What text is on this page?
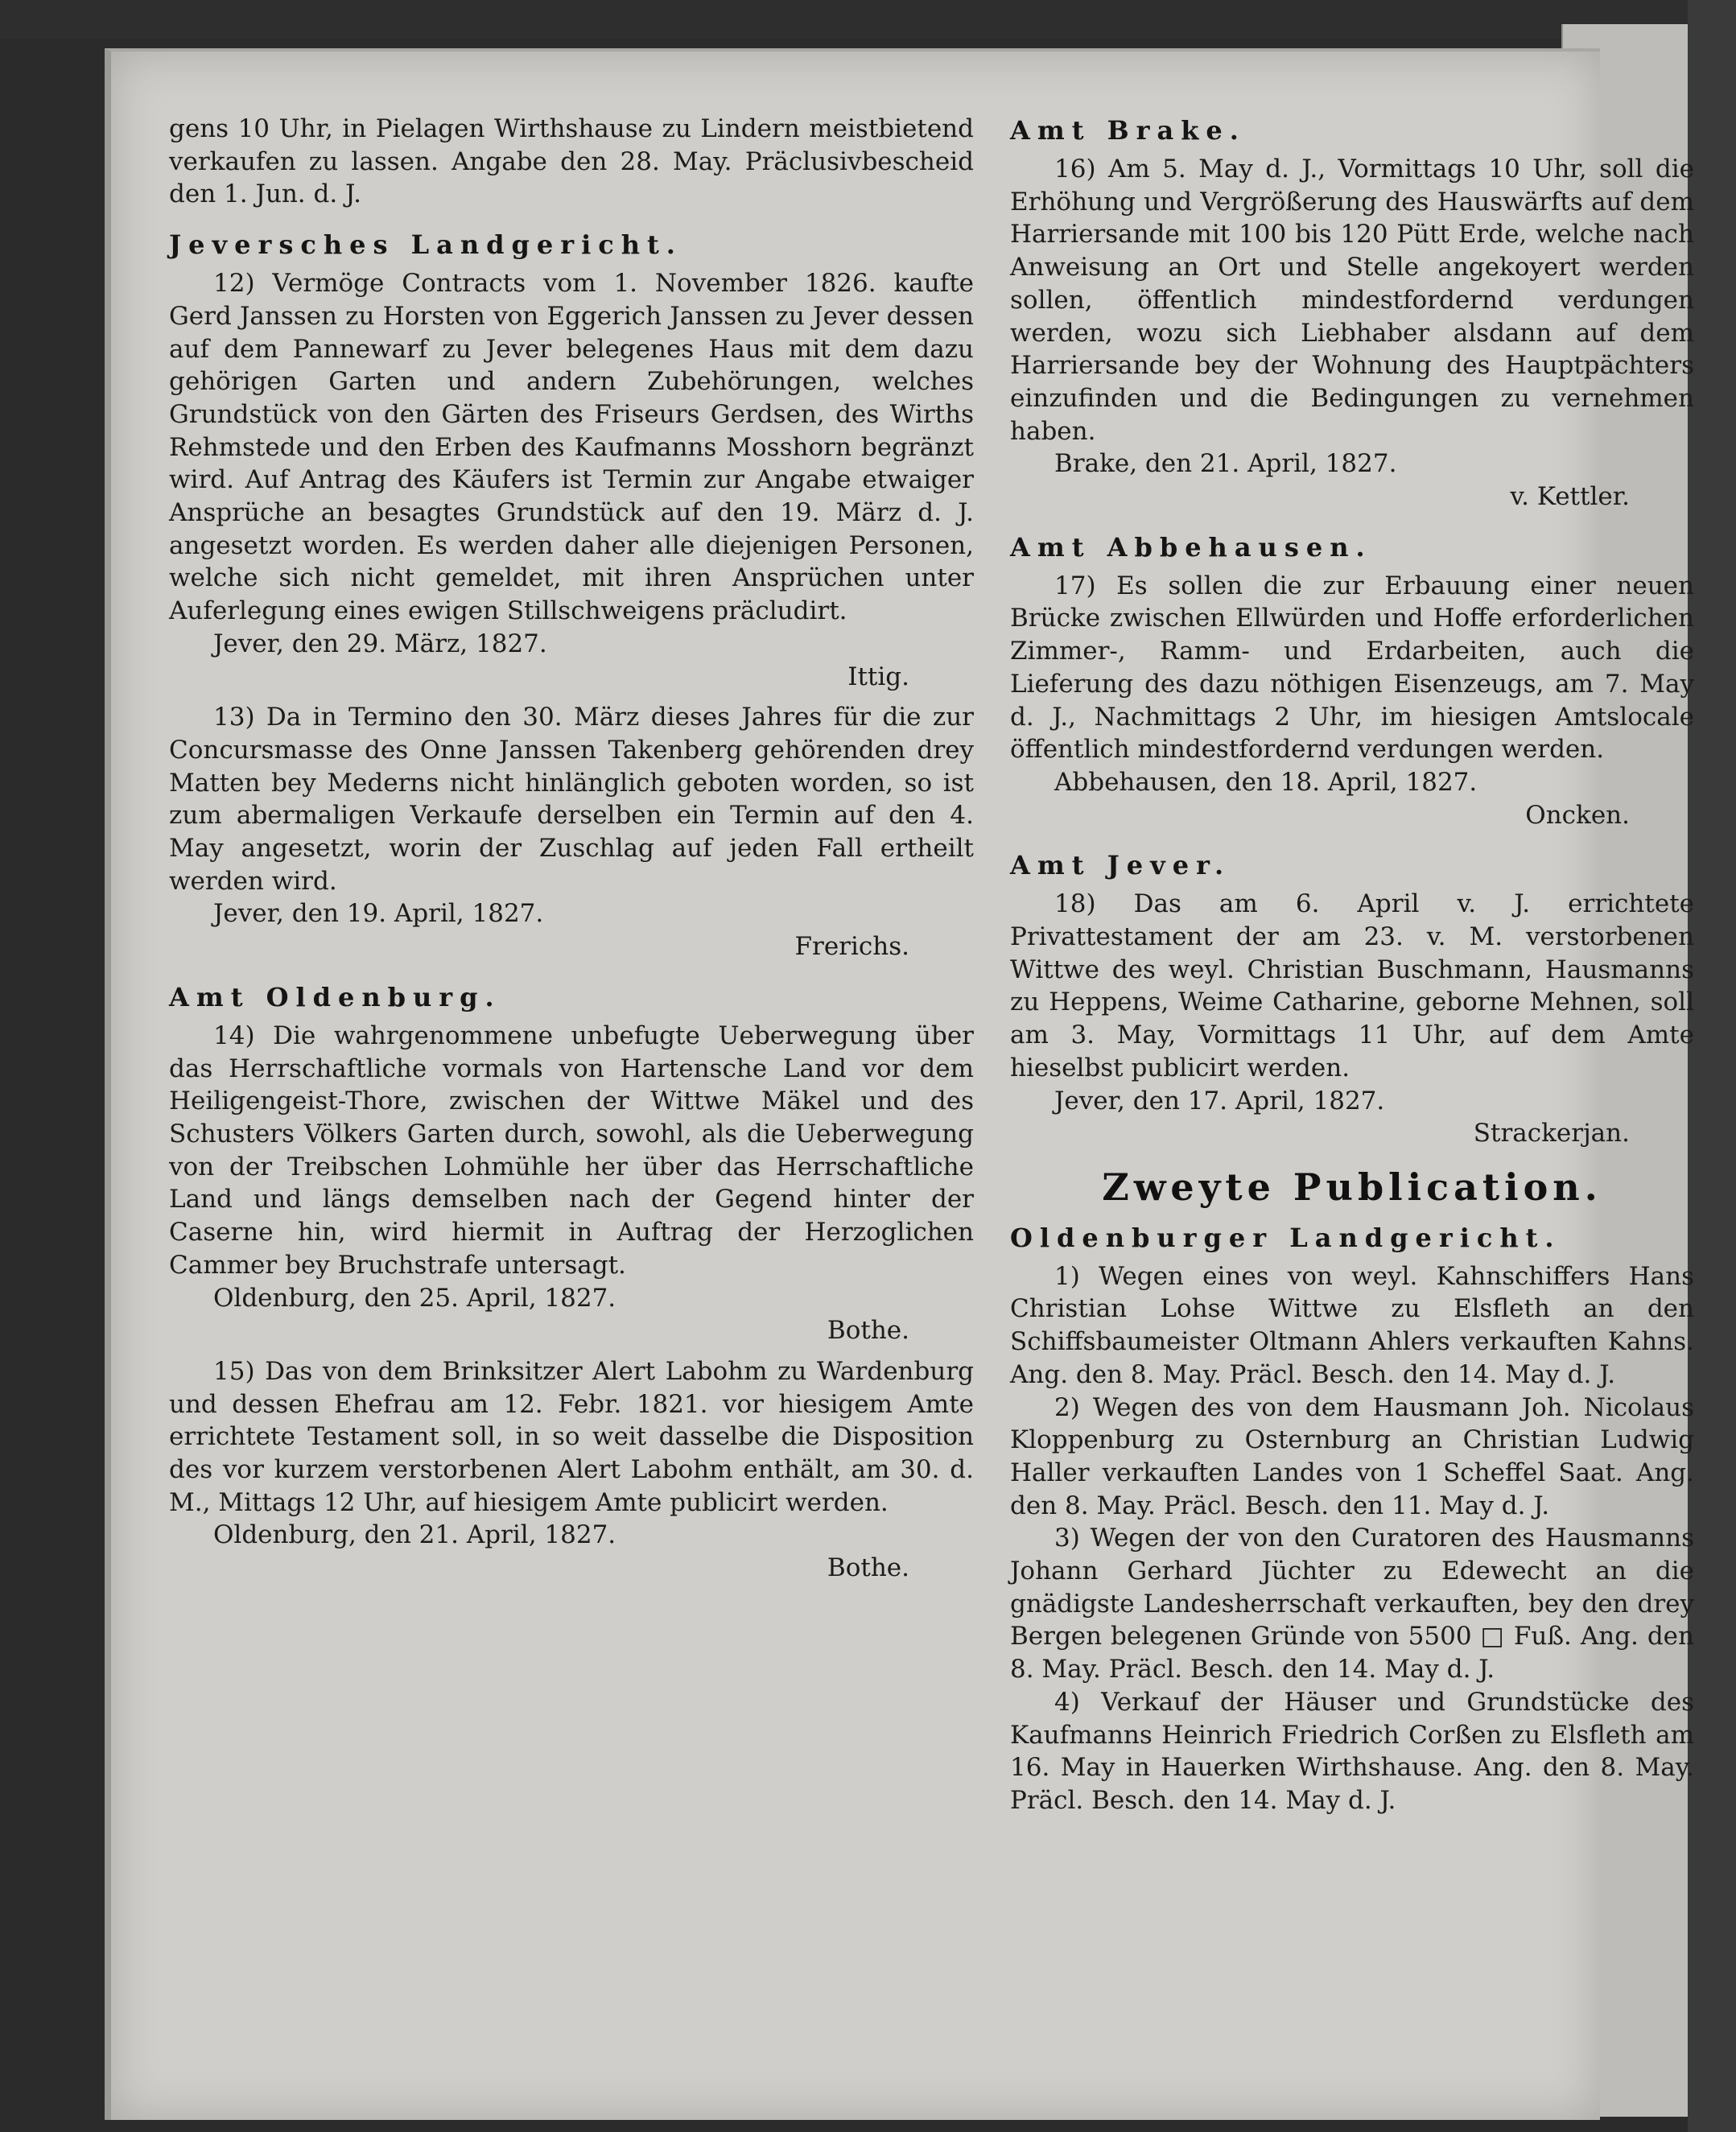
gens 10 Uhr, in Pielagen Wirthshause zu Lindern meistbietend verkaufen zu lassen. Angabe den 28. May. Präclusivbescheid den 1. Jun. d. J.

Jeversches Landgericht.
12) Vermöge Contracts vom 1. November 1826. kaufte Gerd Janssen zu Horsten von Eggerich Janssen zu Jever dessen auf dem Pannewarf zu Jever belegenes Haus mit dem dazu gehörigen Garten und andern Zubehörungen, welches Grundstück von den Gärten des Friseurs Gerdsen, des Wirths Rehmstede und den Erben des Kaufmanns Mosshorn begränzt wird. Auf Antrag des Käufers ist Termin zur Angabe etwaiger Ansprüche an besagtes Grundstück auf den 19. März d. J. angesetzt worden. Es werden daher alle diejenigen Personen, welche sich nicht gemeldet, mit ihren Ansprüchen unter Auferlegung eines ewigen Stillschweigens präcludirt.
Jever, den 29. März, 1827.
Ittig.
13) Da in Termino den 30. März dieses Jahres für die zur Concursmasse des Onne Janssen Takenberg gehörenden drey Matten bey Mederns nicht hinlänglich geboten worden, so ist zum abermaligen Verkaufe derselben ein Termin auf den 4. May angesetzt, worin der Zuschlag auf jeden Fall ertheilt werden wird.
Jever, den 19. April, 1827.
Frerichs.
Amt Oldenburg.
14) Die wahrgenommene unbefugte Ueberwegung über das Herrschaftliche vormals von Hartensche Land vor dem Heiligengeist-Thore, zwischen der Wittwe Mäkel und des Schusters Völkers Garten durch, sowohl, als die Ueberwegung von der Treibschen Lohmühle her über das Herrschaftliche Land und längs demselben nach der Gegend hinter der Caserne hin, wird hiermit in Auftrag der Herzoglichen Cammer bey Bruchstrafe untersagt.
Oldenburg, den 25. April, 1827.
Bothe.
15) Das von dem Brinksitzer Alert Labohm zu Wardenburg und dessen Ehefrau am 12. Febr. 1821. vor hiesigem Amte errichtete Testament soll, in so weit dasselbe die Disposition des vor kurzem verstorbenen Alert Labohm enthält, am 30. d. M., Mittags 12 Uhr, auf hiesigem Amte publicirt werden.
Oldenburg, den 21. April, 1827.
Bothe.
Amt Brake.
16) Am 5. May d. J., Vormittags 10 Uhr, soll die Erhöhung und Vergrößerung des Hauswärfts auf dem Harriersande mit 100 bis 120 Pütt Erde, welche nach Anweisung an Ort und Stelle angekoyert werden sollen, öffentlich mindestfordernd verdungen werden, wozu sich Liebhaber alsdann auf dem Harriersande bey der Wohnung des Hauptpächters einzufinden und die Bedingungen zu vernehmen haben.
Brake, den 21. April, 1827.
v. Kettler.
Amt Abbehausen.
17) Es sollen die zur Erbauung einer neuen Brücke zwischen Ellwürden und Hoffe erforderlichen Zimmer-, Ramm- und Erdarbeiten, auch die Lieferung des dazu nöthigen Eisenzeugs, am 7. May d. J., Nachmittags 2 Uhr, im hiesigen Amtslocale öffentlich mindestfordernd verdungen werden.
Abbehausen, den 18. April, 1827.
Oncken.
Amt Jever.
18) Das am 6. April v. J. errichtete Privattestament der am 23. v. M. verstorbenen Wittwe des weyl. Christian Buschmann, Hausmanns zu Heppens, Weime Catharine, geborne Mehnen, soll am 3. May, Vormittags 11 Uhr, auf dem Amte hieselbst publicirt werden.
Jever, den 17. April, 1827.
Strackerjan.
Zweyte Publication.
Oldenburger Landgericht.
1) Wegen eines von weyl. Kahnschiffers Hans Christian Lohse Wittwe zu Elsfleth an den Schiffsbaumeister Oltmann Ahlers verkauften Kahns. Ang. den 8. May. Präcl. Besch. den 14. May d. J.
2) Wegen des von dem Hausmann Joh. Nicolaus Kloppenburg zu Osternburg an Christian Ludwig Haller verkauften Landes von 1 Scheffel Saat. Ang. den 8. May. Präcl. Besch. den 11. May d. J.
3) Wegen der von den Curatoren des Hausmanns Johann Gerhard Jüchter zu Edewecht an die gnädigste Landesherrschaft verkauften, bey den drey Bergen belegenen Gründe von 5500 □ Fuß. Ang. den 8. May. Präcl. Besch. den 14. May d. J.
4) Verkauf der Häuser und Grundstücke des Kaufmanns Heinrich Friedrich Corßen zu Elsfleth am 16. May in Hauerken Wirthshause. Ang. den 8. May. Präcl. Besch. den 14. May d. J.
